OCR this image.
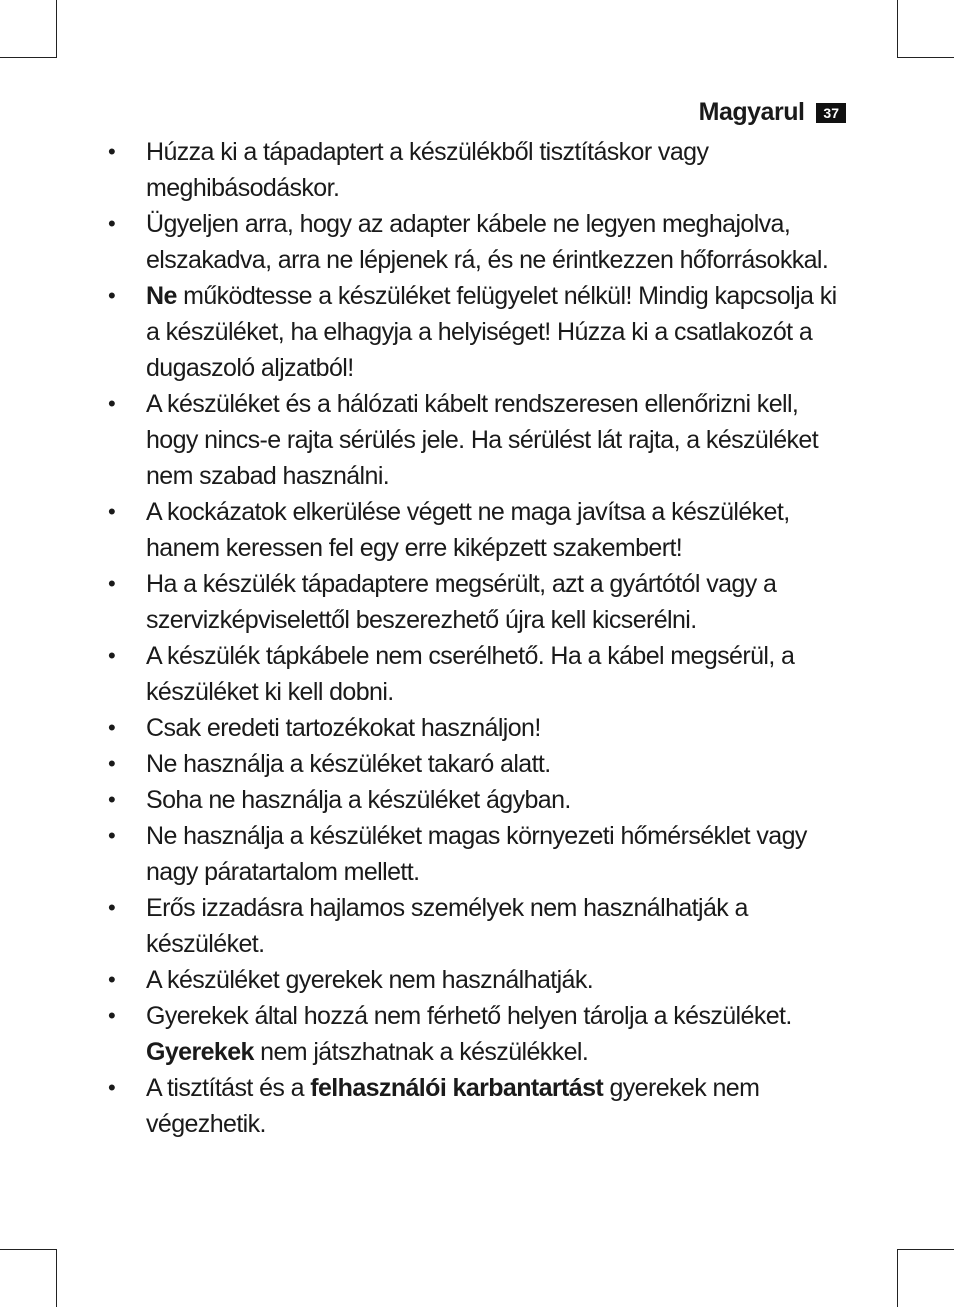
Magyarul	37
•	Húzza ki a tápadaptert a készülékből tisztításkor vagy meghibásodáskor.
•	Ügyeljen arra, hogy az adapter kábele ne legyen meghajolva, elszakadva, arra ne lépjenek rá, és ne érintkezzen hőforrásokkal.
•	Ne működtesse a készüléket felügyelet nélkül! Mindig kapcsolja ki a készüléket, ha elhagyja a helyiséget! Húzza ki a csatlakozót a dugaszoló aljzatból!
•	A készüléket és a hálózati kábelt rendszeresen ellenőrizni kell, hogy nincs-e rajta sérülés jele. Ha sérülést lát rajta, a készüléket nem szabad használni.
•	A kockázatok elkerülése végett ne maga javítsa a készüléket, hanem keressen fel egy erre kiképzett szakembert!
•	Ha a készülék tápadaptere megsérült, azt a gyártótól vagy a szervizképviselettől beszerezhető újra kell kicserélni.
•	A készülék tápkábele nem cserélhető. Ha a kábel megsérül, a készüléket ki kell dobni.
•	Csak eredeti tartozékokat használjon!
•	Ne használja a készüléket takaró alatt.
•	Soha ne használja a készüléket ágyban.
•	Ne használja a készüléket magas környezeti hőmérséklet vagy nagy páratartalom mellett.
•	Erős izzadásra hajlamos személyek nem használhatják a készüléket.
•	A készüléket gyerekek nem használhatják.
•	Gyerekek által hozzá nem férhető helyen tárolja a készüléket. Gyerekek nem játszhatnak a készülékkel.
•	A tisztítást és a felhasználói karbantartást gyerekek nem végezhetik.
